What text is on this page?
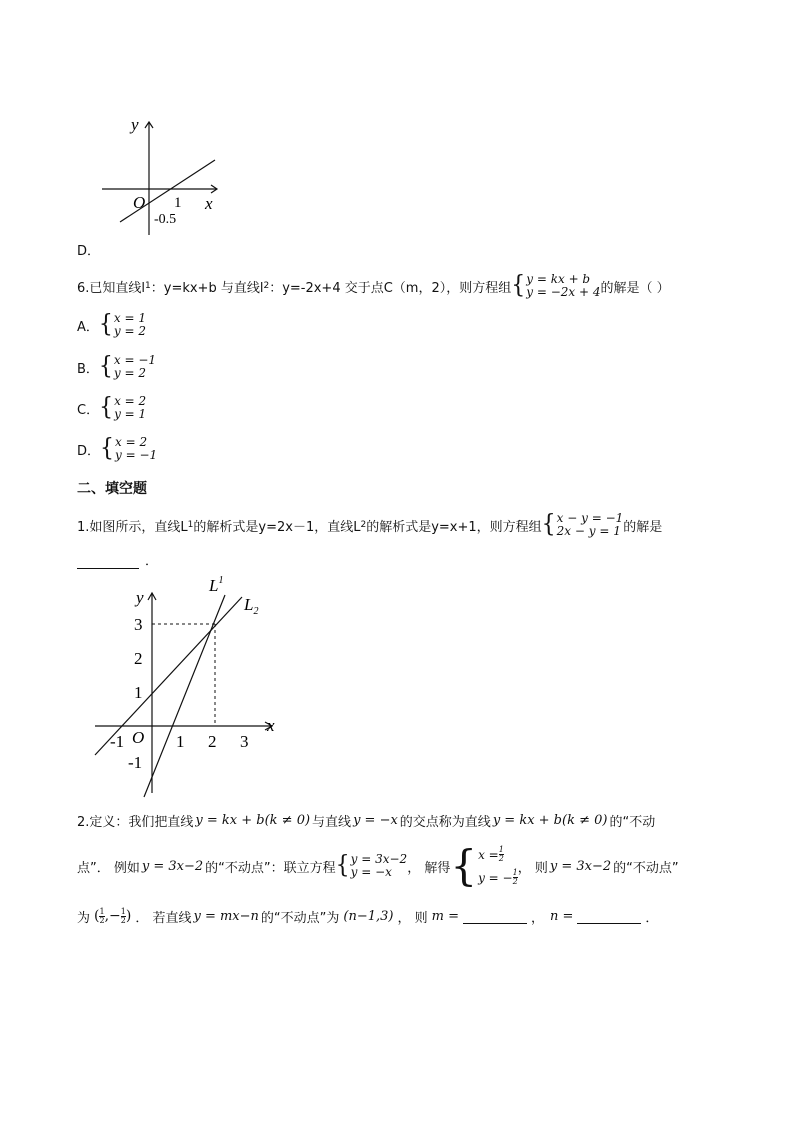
y
x
O 1
-0.5
D．
6.已知直线l 1 ：y=kx+b 与直线l 2 ：y=-2x+4 交于点C（m，2），则方程组 { y = kx + b
y = −2x + 4 的解是（ ）
A． { x = 1
y = 2
B． { x = −1
y = 2
C． { x = 2
y = 1
D． { x = 2
y = −1
二、填空题
1.如图所示，直线L 1 的解析式是y=2x－1，直线L 2 的解析式是y=x+1，则方程组 { x − y = −1
2x − y = 1 的解是
．
y
x
O
$L^1$
$L_2$
-1	1 2 3
3
2
1
-1
2.定义：我们把直线 y = kx + b(k ≠ 0) 与直线 y = −x 的交点称为直线 y = kx + b(k ≠ 0) 的“不动
点”． 例如 y = 3x−2 的“不动点”：联立方程 { y = 3x−2
y = −x	， 解得 { $x = \frac{1}{2}$
y = − $\frac{1}{2}$
， 则 y = 3x−2 的“不动点”
为 ( $\frac{1}{2}$ ,− $\frac{1}{2}$ ) ． 若直线 y = mx−n 的“不动点”为 (n−1,3) ， 则 m =	， n =	．
